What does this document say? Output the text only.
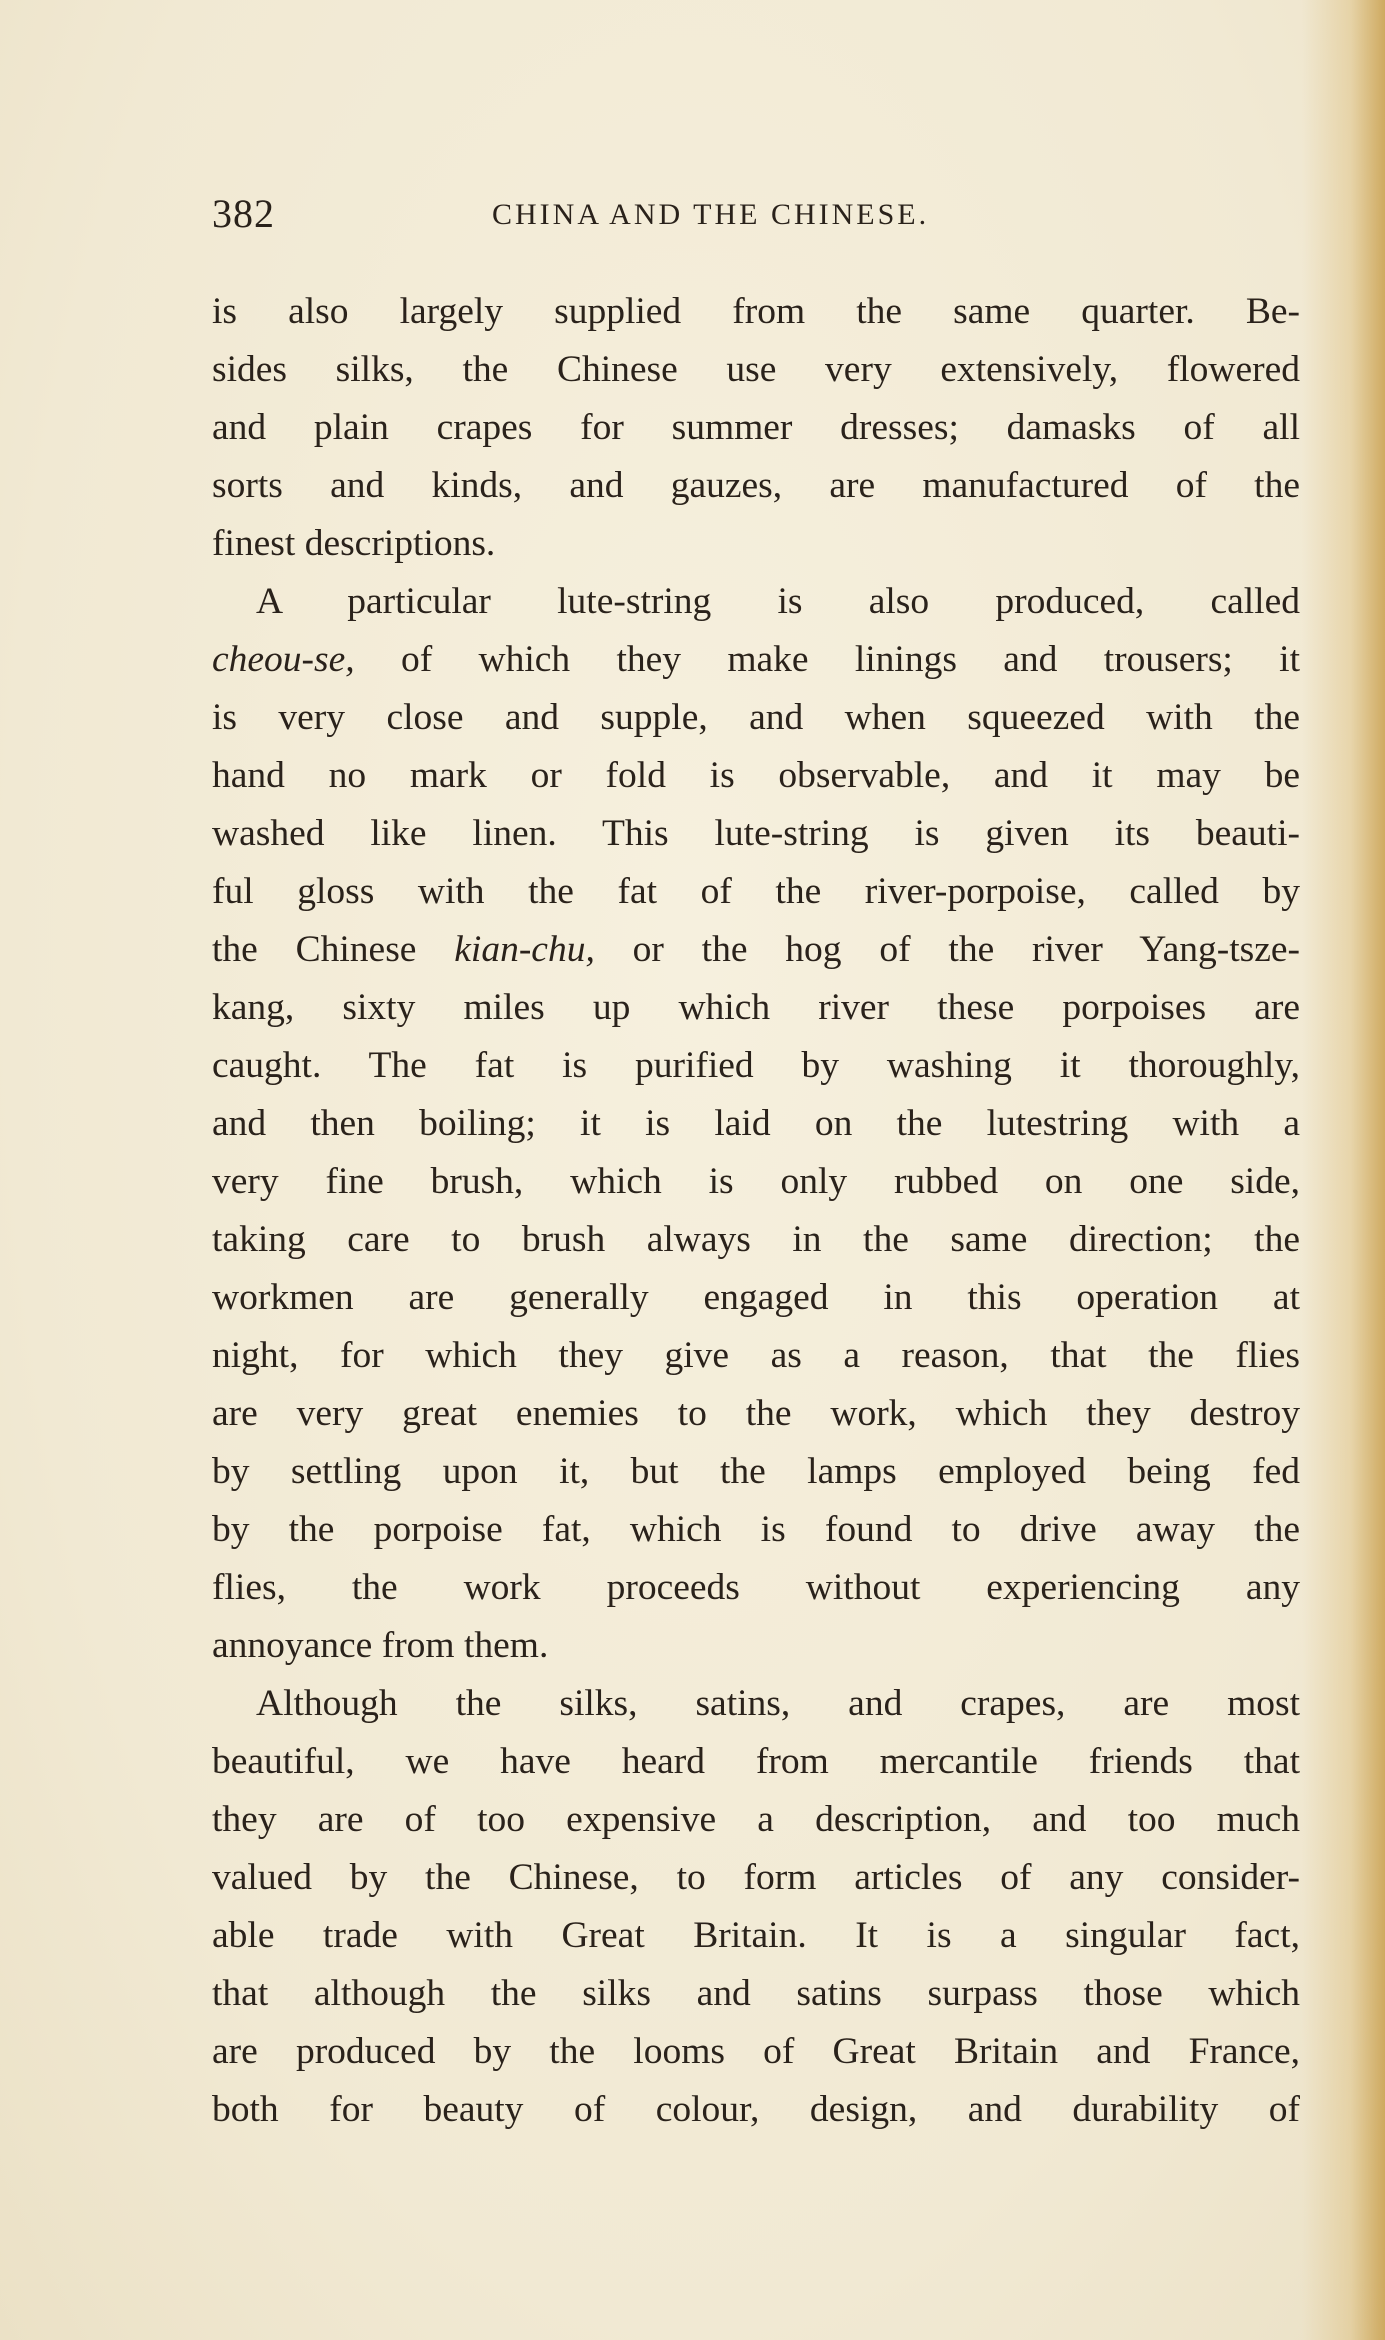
382	CHINA AND THE CHINESE.
is also largely supplied from the same quarter. Be-
sides silks, the Chinese use very extensively, flowered
and plain crapes for summer dresses; damasks of all
sorts and kinds, and gauzes, are manufactured of the
finest descriptions.
A particular lute-string is also produced, called
cheou-se, of which they make linings and trousers; it
is very close and supple, and when squeezed with the
hand no mark or fold is observable, and it may be
washed like linen. This lute-string is given its beauti-
ful gloss with the fat of the river-porpoise, called by
the Chinese kian-chu, or the hog of the river Yang-tsze-
kang, sixty miles up which river these porpoises are
caught. The fat is purified by washing it thoroughly,
and then boiling; it is laid on the lutestring with a
very fine brush, which is only rubbed on one side,
taking care to brush always in the same direction; the
workmen are generally engaged in this operation at
night, for which they give as a reason, that the flies
are very great enemies to the work, which they destroy
by settling upon it, but the lamps employed being fed
by the porpoise fat, which is found to drive away the
flies, the work proceeds without experiencing any
annoyance from them.
Although the silks, satins, and crapes, are most
beautiful, we have heard from mercantile friends that
they are of too expensive a description, and too much
valued by the Chinese, to form articles of any consider-
able trade with Great Britain. It is a singular fact,
that although the silks and satins surpass those which
are produced by the looms of Great Britain and France,
both for beauty of colour, design, and durability of
